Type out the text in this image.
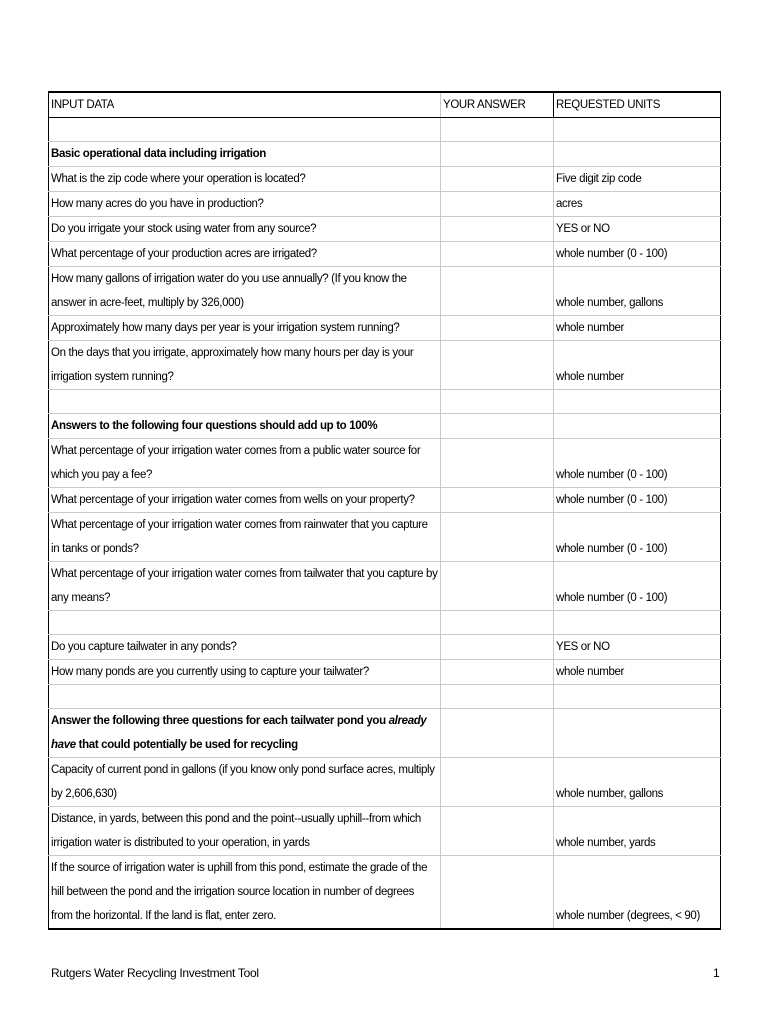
INPUT DATA	YOUR ANSWER	REQUESTED UNITS

Basic operational data including irrigation		
What is the zip code where your operation is located?		Five digit zip code
How many acres do you have in production?		acres
Do you irrigate your stock using water from any source?		YES or NO
What percentage of your production acres are irrigated?		whole number (0 - 100)
How many gallons of irrigation water do you use annually? (If you know the answer in acre-feet, multiply by 326,000)		whole number, gallons
Approximately how many days per year is your irrigation system running?		whole number
On the days that you irrigate, approximately how many hours per day is your irrigation system running?		whole number

Answers to the following four questions should add up to 100%		
What percentage of your irrigation water comes from a public water source for which you pay a fee?		whole number (0 - 100)
What percentage of your irrigation water comes from wells on your property?		whole number (0 - 100)
What percentage of your irrigation water comes from rainwater that you capture in tanks or ponds?		whole number (0 - 100)
What percentage of your irrigation water comes from tailwater that you capture by any means?		whole number (0 - 100)

Do you capture tailwater in any ponds?		YES or NO
How many ponds are you currently using to capture your tailwater?		whole number

Answer the following three questions for each tailwater pond you already have that could potentially be used for recycling		
Capacity of current pond in gallons (if you know only pond surface acres, multiply by 2,606,630)		whole number, gallons
Distance, in yards, between this pond and the point--usually uphill--from which irrigation water is distributed to your operation, in yards		whole number, yards
If the source of irrigation water is uphill from this pond, estimate the grade of the hill between the pond and the irrigation source location in number of degrees from the horizontal. If the land is flat, enter zero.		whole number (degrees, < 90)
Rutgers Water Recycling Investment Tool	1
